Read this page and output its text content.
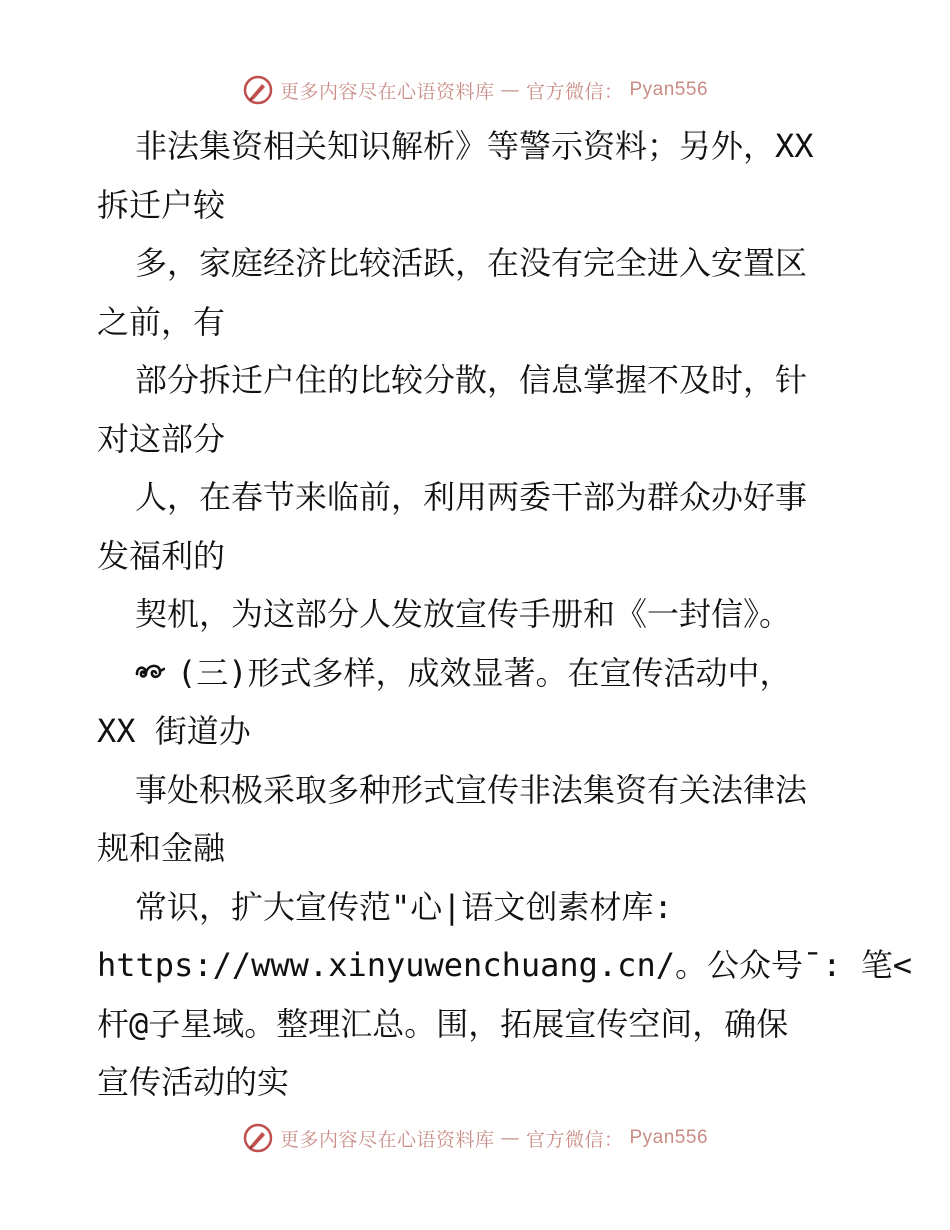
更多内容尽在心语资料库 — 官方微信： Pyan556
非法集资相关知识解析》等警示资料；另外，XX
拆迁户较
多，家庭经济比较活跃，在没有完全进入安置区
之前，有
部分拆迁户住的比较分散，信息掌握不及时，针
对这部分
人，在春节来临前，利用两委干部为群众办好事
发福利的
契机，为这部分人发放宣传手册和《一封信》。
(三)形式多样，成效显著。在宣传活动中，
XX 街道办
事处积极采取多种形式宣传非法集资有关法律法
规和金融
常识，扩大宣传范"心|语文创素材库:
https://www.xinyuwenchuang.cn/。公众号¯: 笔<
杆@子星域。整理汇总。围，拓展宣传空间，确保
宣传活动的实
更多内容尽在心语资料库 — 官方微信： Pyan556
